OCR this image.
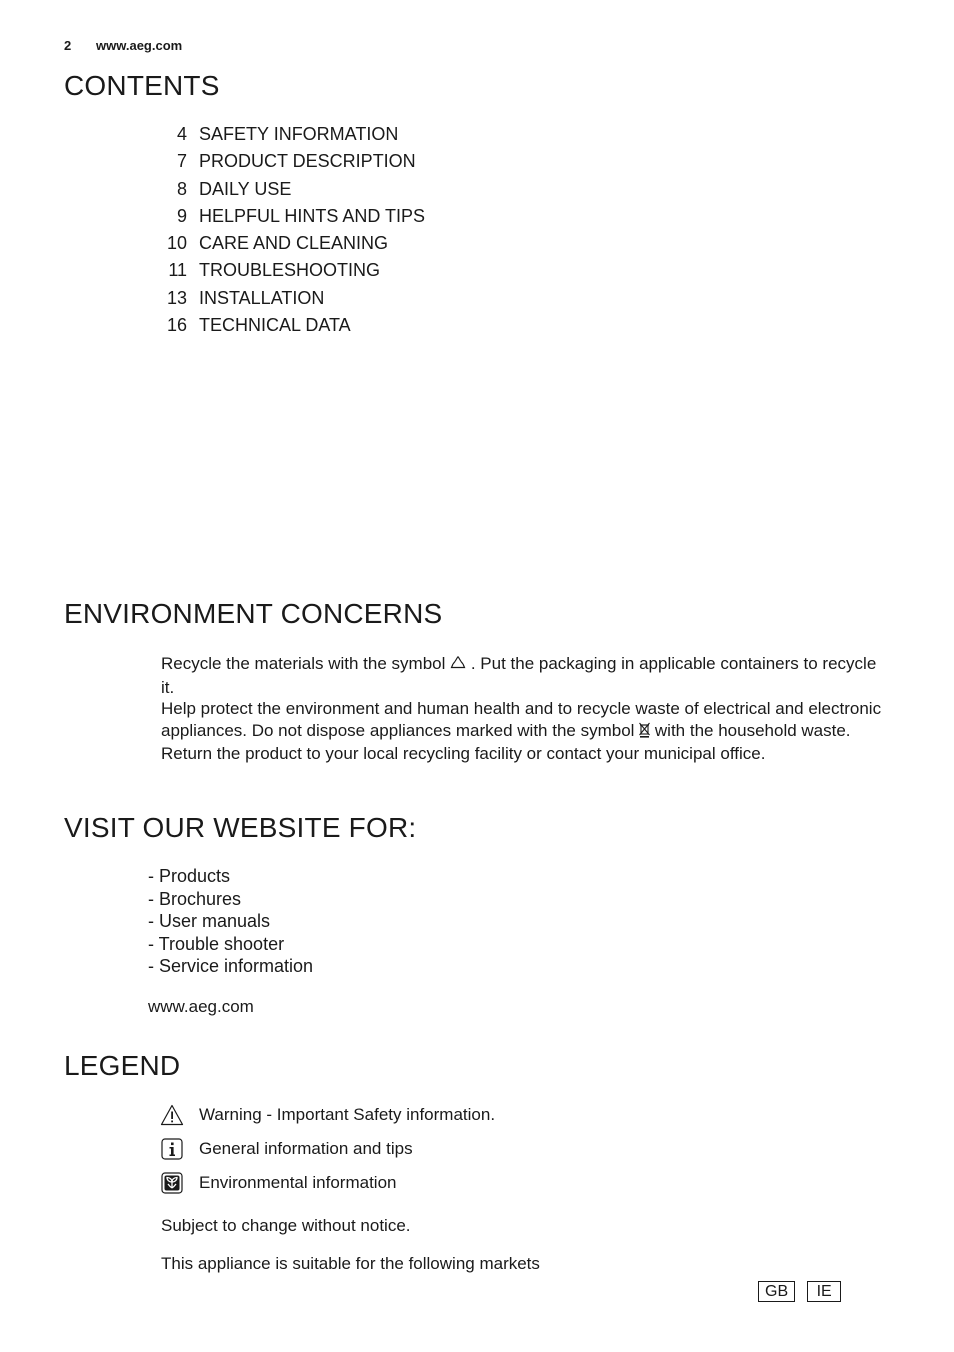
2 www.aeg.com
CONTENTS
4 SAFETY INFORMATION
7 PRODUCT DESCRIPTION
8 DAILY USE
9 HELPFUL HINTS AND TIPS
10 CARE AND CLEANING
11 TROUBLESHOOTING
13 INSTALLATION
16 TECHNICAL DATA
ENVIRONMENT CONCERNS

Recycle the materials with the symbol . Put the packaging in applicable containers to recycle it.

Help protect the environment and human health and to recycle waste of electrical and electronic appliances. Do not dispose appliances marked with the symbol with the household waste. Return the product to your local recycling facility or contact your municipal office.

VISIT OUR WEBSITE FOR:
- Products
- Brochures
- User manuals
- Trouble shooter
- Service information
www.aeg.com
LEGEND
Warning - Important Safety information.
General information and tips
Environmental information
Subject to change without notice.
This appliance is suitable for the following markets
GB	IE
